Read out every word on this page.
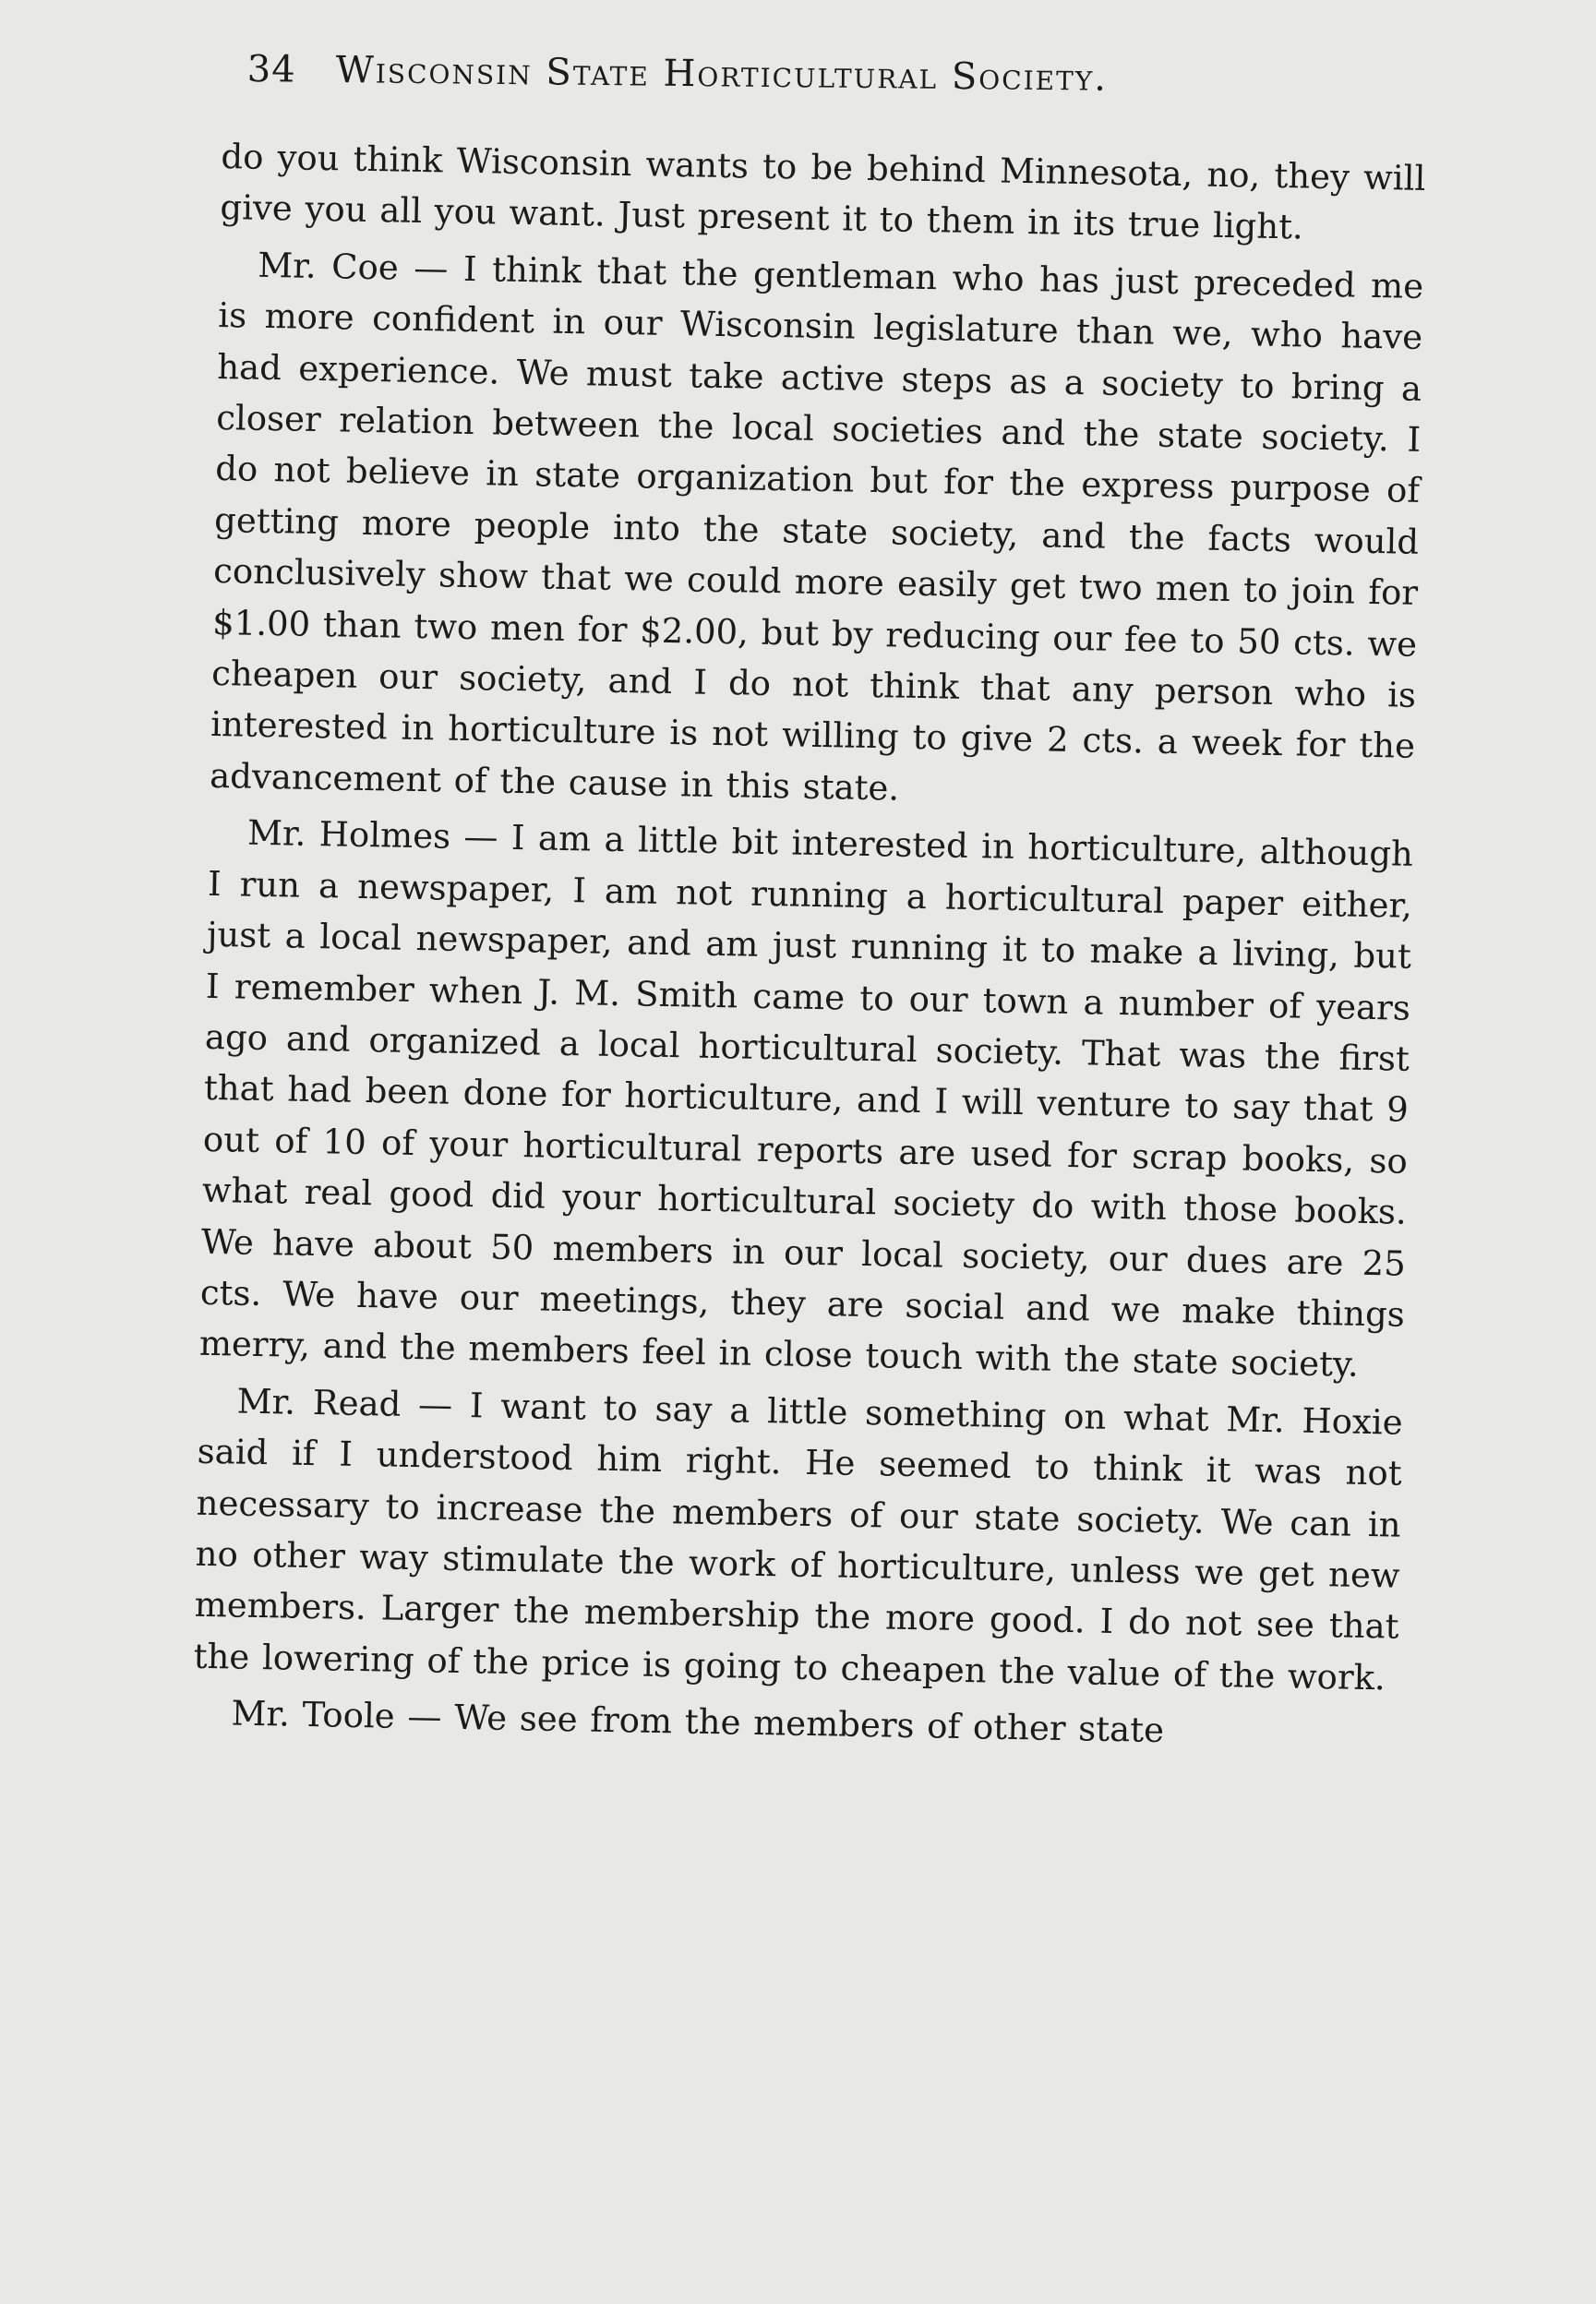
34 Wisconsin State Horticultural Society.

do you think Wisconsin wants to be behind Minnesota, no, they will give you all you want. Just present it to them in its true light.

Mr. Coe — I think that the gentleman who has just preceded me is more confident in our Wisconsin legislature than we, who have had experience. We must take active steps as a society to bring a closer relation between the local societies and the state society. I do not believe in state organization but for the express purpose of getting more people into the state society, and the facts would conclusively show that we could more easily get two men to join for $1.00 than two men for $2.00, but by reducing our fee to 50 cts. we cheapen our society, and I do not think that any person who is interested in horticulture is not willing to give 2 cts. a week for the advancement of the cause in this state.

Mr. Holmes — I am a little bit interested in horticulture, although I run a newspaper, I am not running a horticultural paper either, just a local newspaper, and am just running it to make a living, but I remember when J. M. Smith came to our town a number of years ago and organized a local horticultural society. That was the first that had been done for horticulture, and I will venture to say that 9 out of 10 of your horticultural reports are used for scrap books, so what real good did your horticultural society do with those books. We have about 50 members in our local society, our dues are 25 cts. We have our meetings, they are social and we make things merry, and the members feel in close touch with the state society.

Mr. Read — I want to say a little something on what Mr. Hoxie said if I understood him right. He seemed to think it was not necessary to increase the members of our state society. We can in no other way stimulate the work of horticulture, unless we get new members. Larger the membership the more good. I do not see that the lowering of the price is going to cheapen the value of the work.

Mr. Toole — We see from the members of other state
